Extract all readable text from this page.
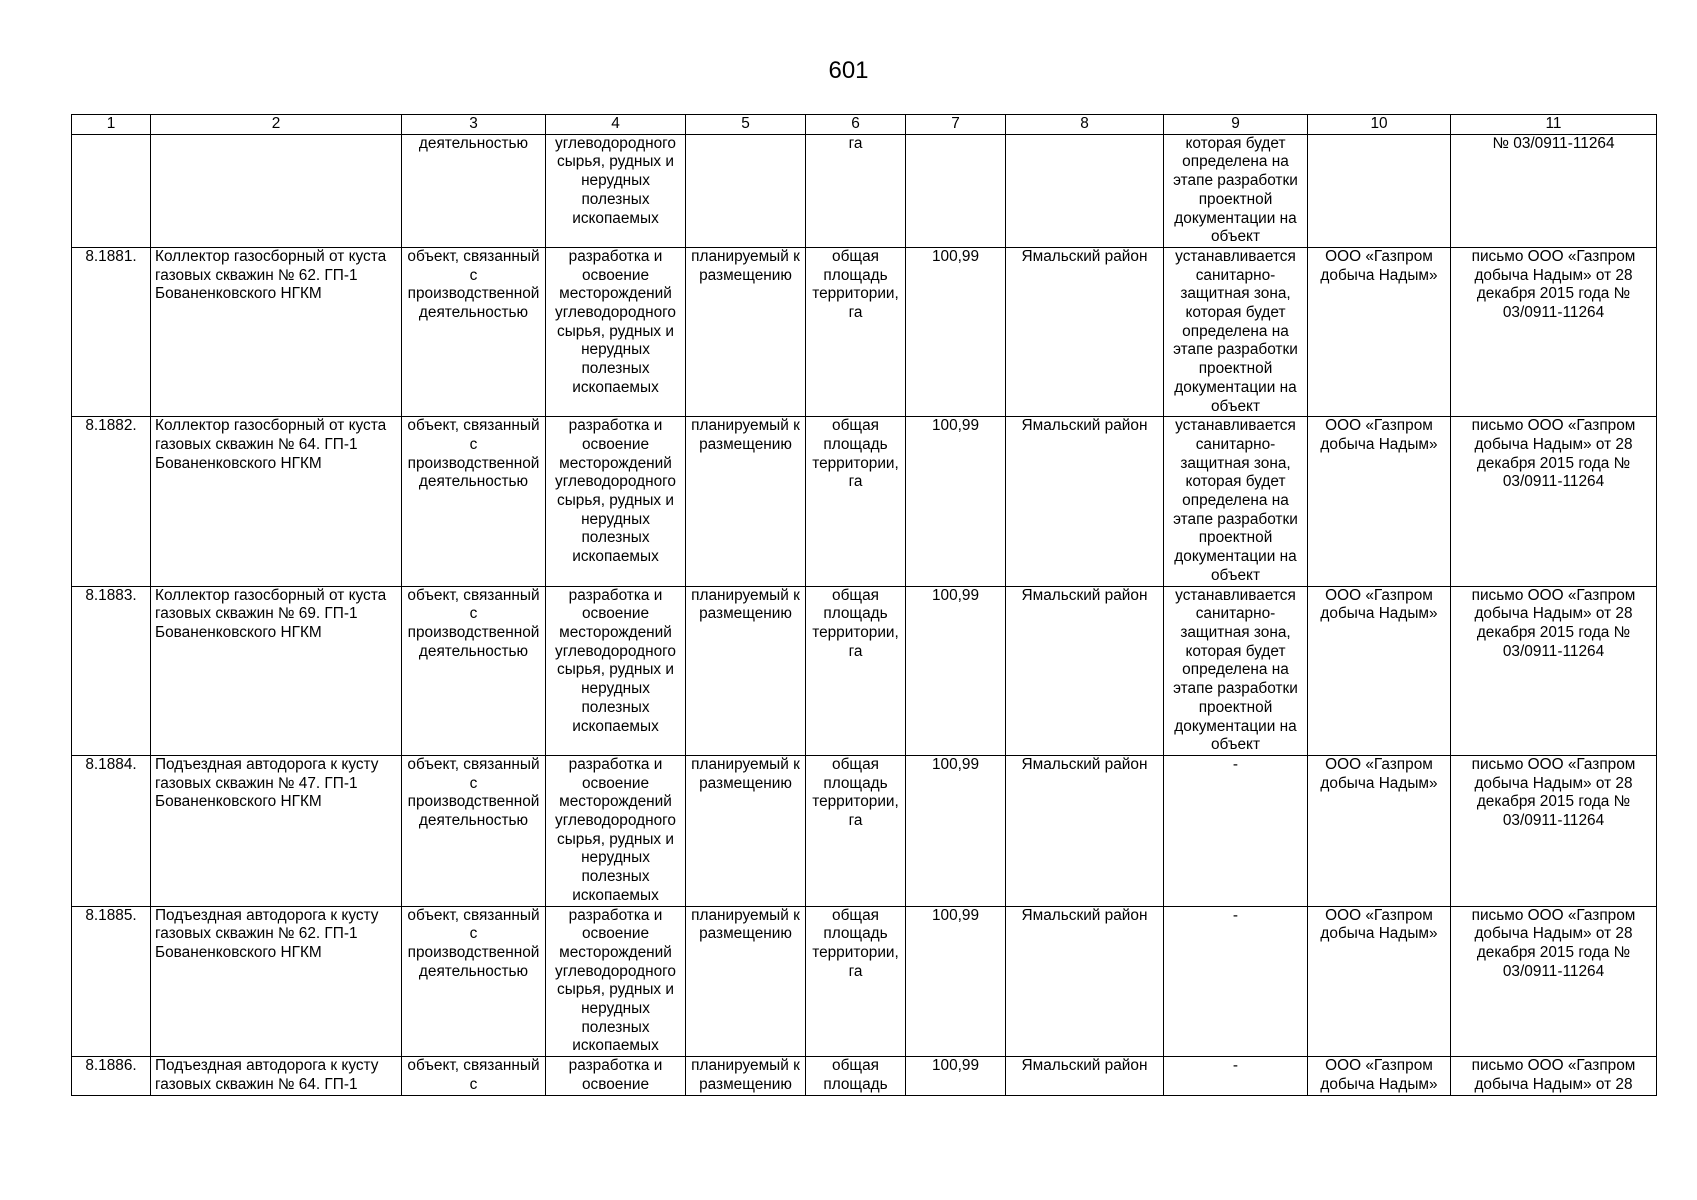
601
1	2	3	4	5	6	7	8	9	10	11
		деятельностью	углеводородного сырья, рудных и нерудных полезных ископаемых		га			которая будет определена на этапе разработки проектной документации на объект		№ 03/0911-11264
8.1881.	Коллектор газосборный от куста газовых скважин № 62. ГП-1 Бованенковского НГКМ	объект, связанный с производственной деятельностью	разработка и освоение месторождений углеводородного сырья, рудных и нерудных полезных ископаемых	планируемый к размещению	общая площадь территории, га	100,99	Ямальский район	устанавливается санитарно-защитная зона, которая будет определена на этапе разработки проектной документации на объект	ООО «Газпром добыча Надым»	письмо ООО «Газпром добыча Надым» от 28 декабря 2015 года № 03/0911-11264
8.1882.	Коллектор газосборный от куста газовых скважин № 64. ГП-1 Бованенковского НГКМ	объект, связанный с производственной деятельностью	разработка и освоение месторождений углеводородного сырья, рудных и нерудных полезных ископаемых	планируемый к размещению	общая площадь территории, га	100,99	Ямальский район	устанавливается санитарно-защитная зона, которая будет определена на этапе разработки проектной документации на объект	ООО «Газпром добыча Надым»	письмо ООО «Газпром добыча Надым» от 28 декабря 2015 года № 03/0911-11264
8.1883.	Коллектор газосборный от куста газовых скважин № 69. ГП-1 Бованенковского НГКМ	объект, связанный с производственной деятельностью	разработка и освоение месторождений углеводородного сырья, рудных и нерудных полезных ископаемых	планируемый к размещению	общая площадь территории, га	100,99	Ямальский район	устанавливается санитарно-защитная зона, которая будет определена на этапе разработки проектной документации на объект	ООО «Газпром добыча Надым»	письмо ООО «Газпром добыча Надым» от 28 декабря 2015 года № 03/0911-11264
8.1884.	Подъездная автодорога к кусту газовых скважин № 47. ГП-1 Бованенковского НГКМ	объект, связанный с производственной деятельностью	разработка и освоение месторождений углеводородного сырья, рудных и нерудных полезных ископаемых	планируемый к размещению	общая площадь территории, га	100,99	Ямальский район	-	ООО «Газпром добыча Надым»	письмо ООО «Газпром добыча Надым» от 28 декабря 2015 года № 03/0911-11264
8.1885.	Подъездная автодорога к кусту газовых скважин № 62. ГП-1 Бованенковского НГКМ	объект, связанный с производственной деятельностью	разработка и освоение месторождений углеводородного сырья, рудных и нерудных полезных ископаемых	планируемый к размещению	общая площадь территории, га	100,99	Ямальский район	-	ООО «Газпром добыча Надым»	письмо ООО «Газпром добыча Надым» от 28 декабря 2015 года № 03/0911-11264
8.1886.	Подъездная автодорога к кусту газовых скважин № 64. ГП-1	объект, связанный с	разработка и освоение	планируемый к размещению	общая площадь	100,99	Ямальский район	-	ООО «Газпром добыча Надым»	письмо ООО «Газпром добыча Надым» от 28
